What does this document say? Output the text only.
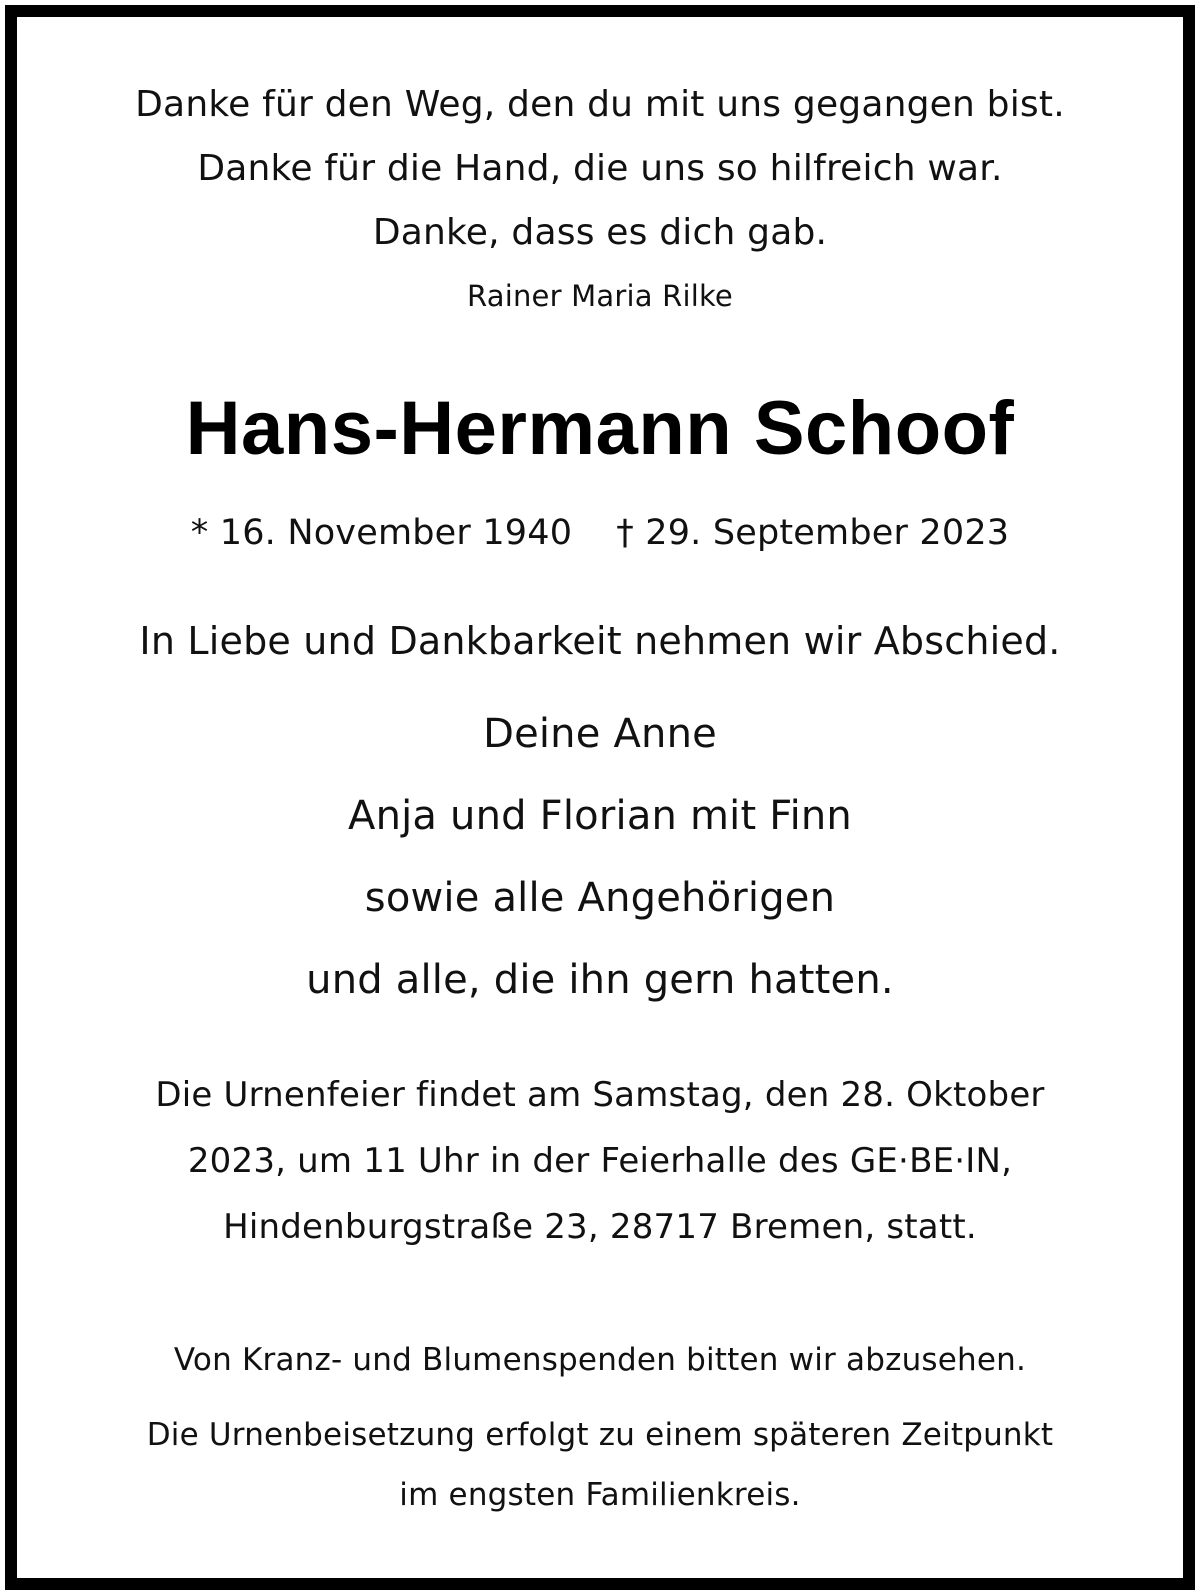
Danke für den Weg, den du mit uns gegangen bist.
Danke für die Hand, die uns so hilfreich war.
Danke, dass es dich gab.
Rainer Maria Rilke
Hans-Hermann Schoof
* 16. November 1940 † 29. September 2023
In Liebe und Dankbarkeit nehmen wir Abschied.
Deine Anne
Anja und Florian mit Finn
sowie alle Angehörigen
und alle, die ihn gern hatten.
Die Urnenfeier findet am Samstag, den 28. Oktober
2023, um 11 Uhr in der Feierhalle des GE·BE·IN,
Hindenburgstraße 23, 28717 Bremen, statt.
Von Kranz- und Blumenspenden bitten wir abzusehen.
Die Urnenbeisetzung erfolgt zu einem späteren Zeitpunkt
im engsten Familienkreis.
